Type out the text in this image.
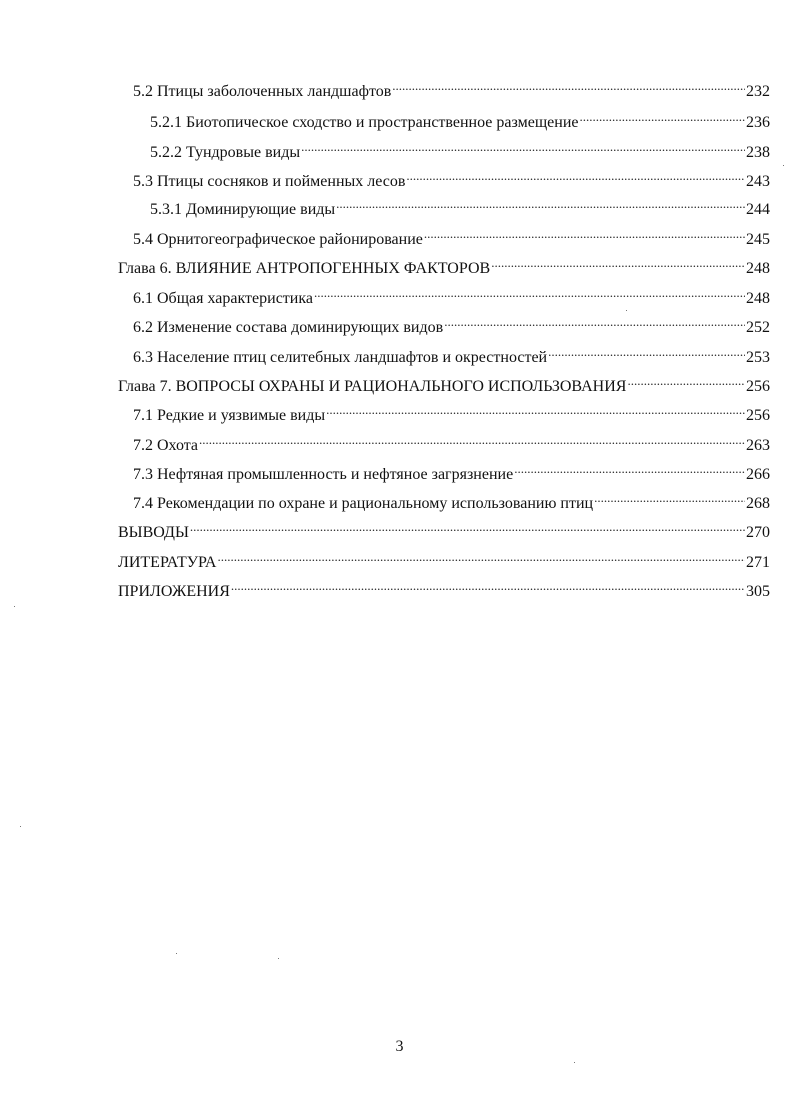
5.2 Птицы заболоченных ландшафтов .....	232
5.2.1 Биотопическое сходство и пространственное размещение .....	236
5.2.2 Тундровые виды .....	238
5.3 Птицы сосняков и пойменных лесов .....	243
5.3.1 Доминирующие виды .....	244
5.4 Орнитогеографическое районирование .....	245
Глава 6. ВЛИЯНИЕ АНТРОПОГЕННЫХ ФАКТОРОВ .....	248
6.1 Общая характеристика .....	248
6.2 Изменение состава доминирующих видов .....	252
6.3 Население птиц селитебных ландшафтов и окрестностей .....	253
Глава 7. ВОПРОСЫ ОХРАНЫ И РАЦИОНАЛЬНОГО ИСПОЛЬЗОВАНИЯ .....	256
7.1 Редкие и уязвимые виды .....	256
7.2 Охота .....	263
7.3 Нефтяная промышленность и нефтяное загрязнение .....	266
7.4 Рекомендации по охране и рациональному использованию птиц .....	268
ВЫВОДЫ .....	270
ЛИТЕРАТУРА .....	271
ПРИЛОЖЕНИЯ .....	305
3
